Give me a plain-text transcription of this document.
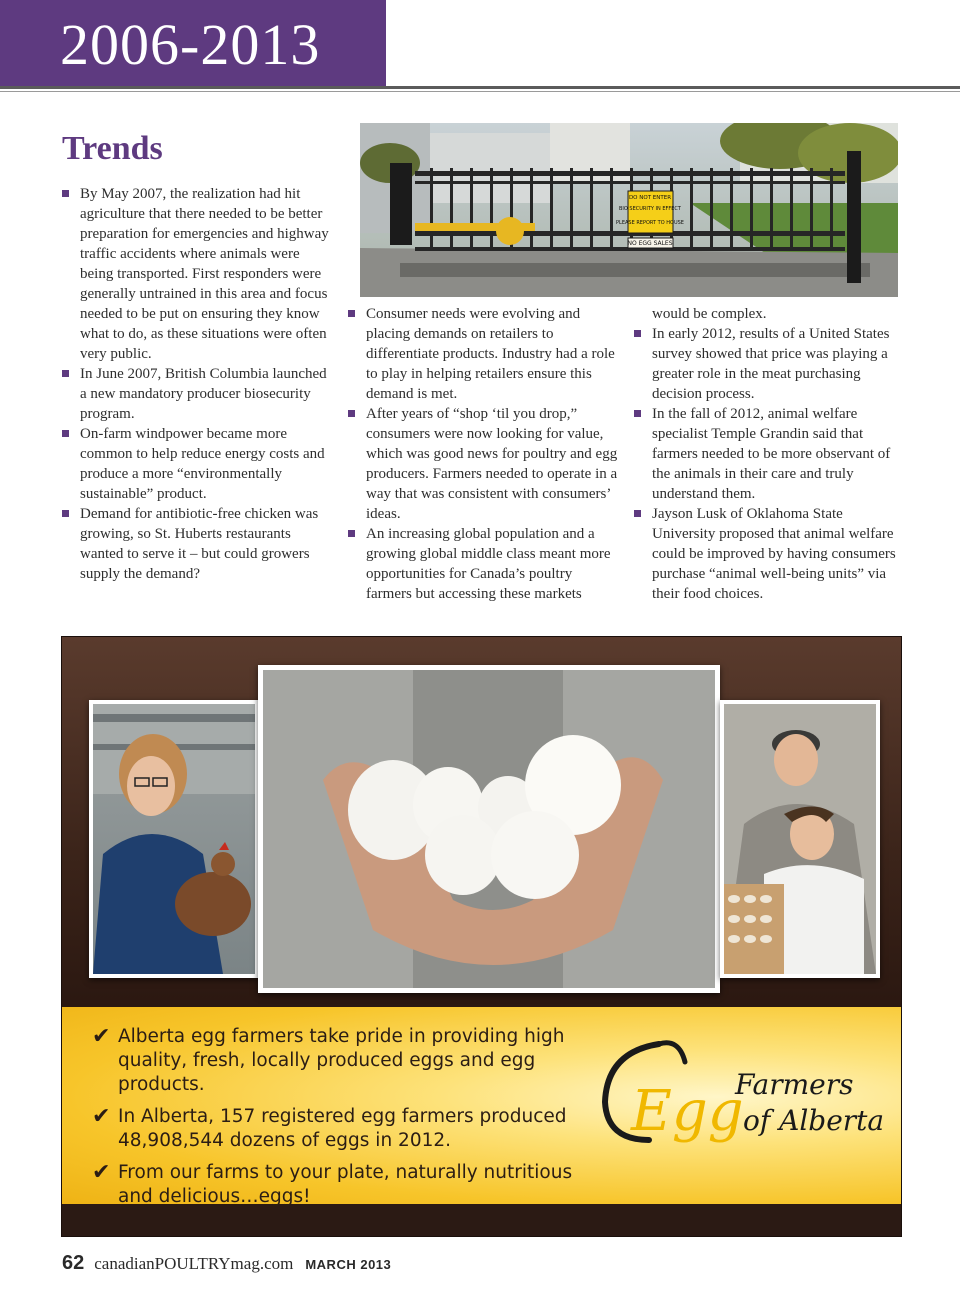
2006-2013
Trends
By May 2007, the realization had hit agriculture that there needed to be better preparation for emergencies and highway traffic accidents where animals were being transported. First responders were generally untrained in this area and focus needed to be put on ensuring they know what to do, as these situations were often very public.
In June 2007, British Columbia launched a new mandatory producer biosecurity program.
On-farm windpower became more common to help reduce energy costs and produce a more “environmentally sustainable” product.
Demand for antibiotic-free chicken was growing, so St. Huberts restaurants wanted to serve it – but could growers supply the demand?
DO NOT ENTER
BIO SECURITY IN EFFECT
PLEASE REPORT TO HOUSE
NO EGG SALES
Consumer needs were evolving and placing demands on retailers to differentiate products. Industry had a role to play in helping retailers ensure this demand is met.
After years of “shop ‘til you drop,” consumers were now looking for value, which was good news for poultry and egg producers. Farmers needed to operate in a way that was consistent with consumers’ ideas.
An increasing global population and a growing global middle class meant more opportunities for Canada’s poultry farmers but accessing these markets
would be complex.
In early 2012, results of a United States survey showed that price was playing a greater role in the meat purchasing decision process.
In the fall of 2012, animal welfare specialist Temple Grandin said that farmers needed to be more observant of the animals in their care and truly understand them.
Jayson Lusk of Oklahoma State University proposed that animal welfare could be improved by having consumers purchase “animal well-being units” via their food choices.
✔ Alberta egg farmers take pride in providing high quality, fresh, locally produced eggs and egg products.
✔ In Alberta, 157 registered egg farmers produced 48,908,544 dozens of eggs in 2012.
✔ From our farms to your plate, naturally nutritious and delicious…eggs!
Egg
Farmers
of Alberta
62 canadianPOULTRYmag.com MARCH 2013
